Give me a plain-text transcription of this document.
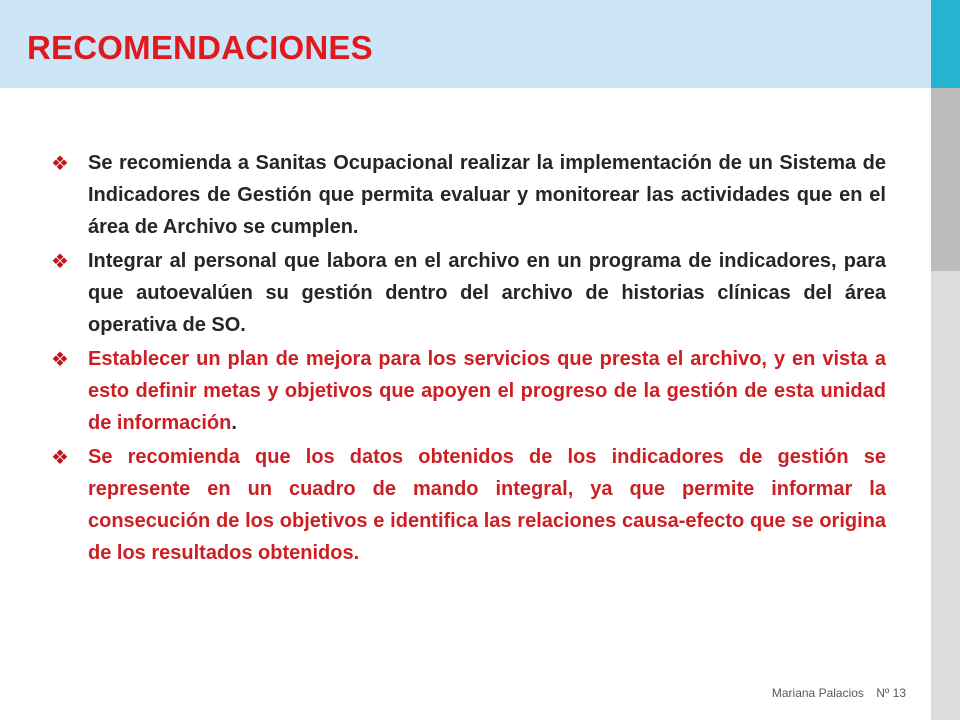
RECOMENDACIONES
❖ Se recomienda a Sanitas Ocupacional realizar la implementación de un Sistema de Indicadores de Gestión que permita evaluar y monitorear las actividades que en el área de Archivo se cumplen.
❖ Integrar al personal que labora en el archivo en un programa de indicadores, para que autoevalúen su gestión dentro del archivo de historias clínicas del área operativa de SO.
❖ Establecer un plan de mejora para los servicios que presta el archivo, y en vista a esto definir metas y objetivos que apoyen el progreso de la gestión de esta unidad de información.
❖ Se recomienda que los datos obtenidos de los indicadores de gestión se represente en un cuadro de mando integral, ya que permite informar la consecución de los objetivos e identifica las relaciones causa-efecto que se origina de los resultados obtenidos.
Mariana Palacios Nº 13
